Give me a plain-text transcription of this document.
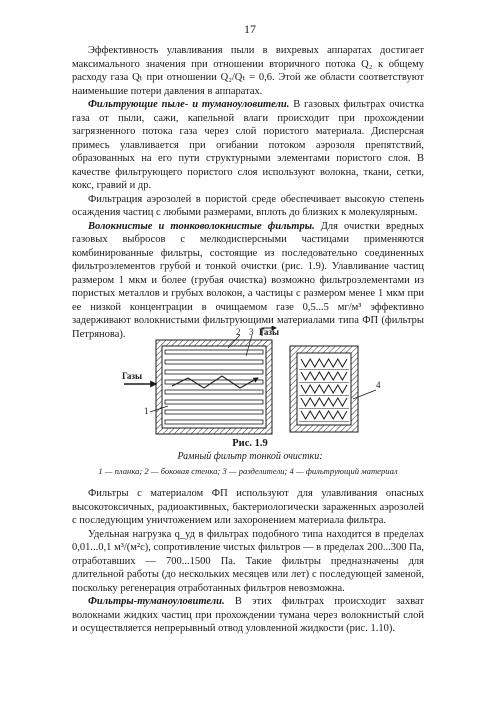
17

Эффективность улавливания пыли в вихревых аппаратах достигает максимального значения при отношении вторичного потока Q₂ к общему расходу газа Qₜ при отношении Q₂/Qₜ = 0,6. Этой же области соответствуют наименьшие потери давления в аппаратах.

Фильтрующие пыле- и туманоуловители. В газовых фильтрах очистка газа от пыли, сажи, капельной влаги происходит при прохождении загрязненного потока газа через слой пористого материала. Дисперсная примесь улавливается при огибании потоком аэрозоля препятствий, образованных на его пути структурными элементами пористого слоя. В качестве фильтрующего пористого слоя используют волокна, ткани, сетки, кокс, гравий и др.

Фильтрация аэрозолей в пористой среде обеспечивает высокую степень осаждения частиц с любыми размерами, вплоть до близких к молекулярным.

Волокнистые и тонковолокнистые фильтры. Для очистки вредных газовых выбросов с мелкодисперсными частицами применяются комбинированные фильтры, состоящие из последовательно соединенных фильтроэлементов грубой и тонкой очистки (рис. 1.9). Улавливание частиц размером 1 мкм и более (грубая очистка) возможно фильтроэлементами из пористых металлов и грубых волокон, а частицы с размером менее 1 мкм при ее низкой концентрации в очищаемом газе 0,5...5 мг/м³ эффективно задерживают волокнистыми фильтрующими материалами типа ФП (фильтры Петрянова).	2 3 Газы
Газы
1
4
Рис. 1.9
Рамный фильтр тонкой очистки:
1 — планка; 2 — боковая стенка; 3 — разделители; 4 — фильтрующий материал

Фильтры с материалом ФП используют для улавливания опасных высокотоксичных, радиоактивных, бактериологически зараженных аэрозолей с последующим уничтожением или захоронением материала фильтра.

Удельная нагрузка q_уд в фильтрах подобного типа находится в пределах 0,01...0,1 м³/(м²с), сопротивление чистых фильтров — в пределах 200...300 Па, отработавших — 700...1500 Па. Такие фильтры предназначены для длительной работы (до нескольких месяцев или лет) с последующей заменой, поскольку регенерация отработанных фильтров невозможна.

Фильтры-туманоуловители. В этих фильтрах происходит захват волокнами жидких частиц при прохождении тумана через волокнистый слой и осуществляется непрерывный отвод уловленной жидкости (рис. 1.10).
